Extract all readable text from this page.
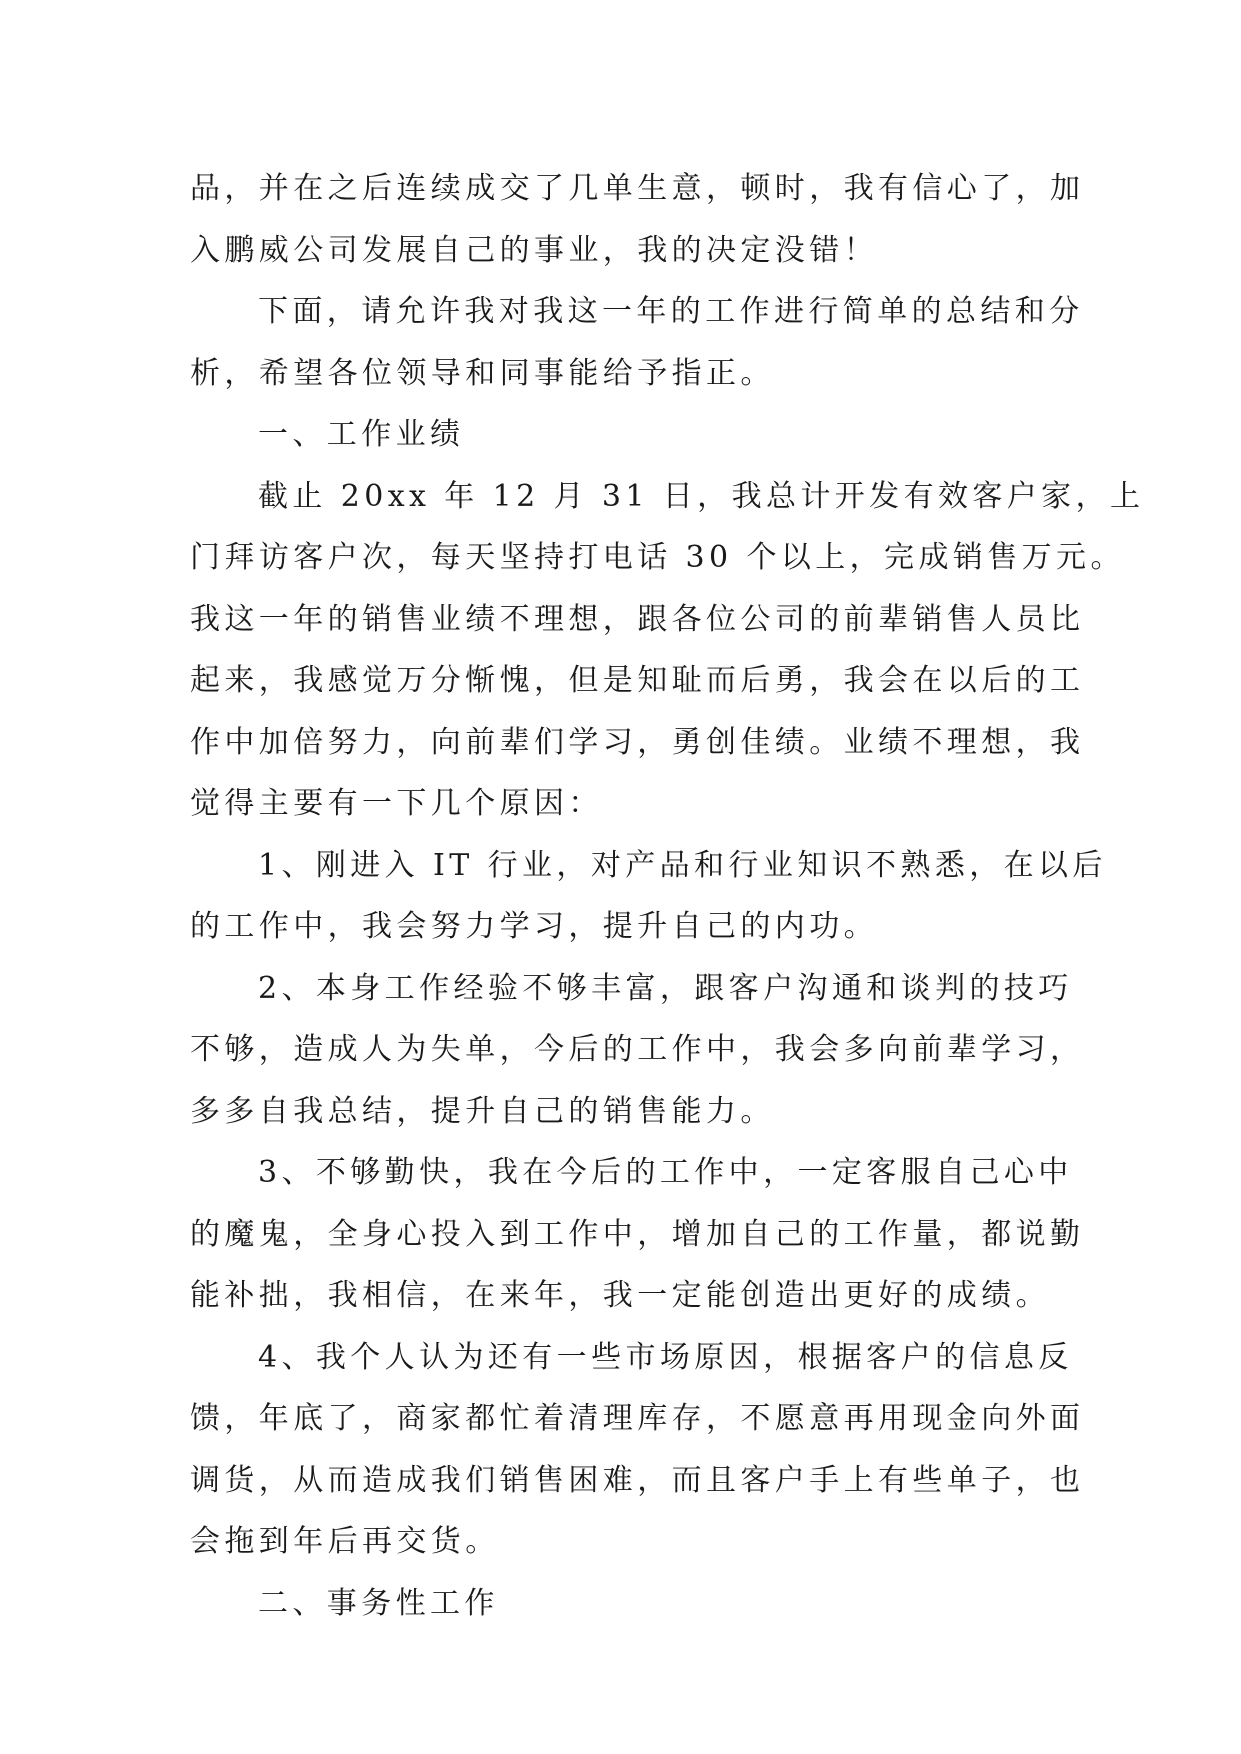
品，并在之后连续成交了几单生意，顿时，我有信心了，加
入鹏威公司发展自己的事业，我的决定没错！
下面，请允许我对我这一年的工作进行简单的总结和分
析，希望各位领导和同事能给予指正。
一、工作业绩
截止 20xx 年 12 月 31 日，我总计开发有效客户家，上
门拜访客户次，每天坚持打电话 30 个以上，完成销售万元。
我这一年的销售业绩不理想，跟各位公司的前辈销售人员比
起来，我感觉万分惭愧，但是知耻而后勇，我会在以后的工
作中加倍努力，向前辈们学习，勇创佳绩。业绩不理想，我
觉得主要有一下几个原因：
1、刚进入 IT 行业，对产品和行业知识不熟悉，在以后
的工作中，我会努力学习，提升自己的内功。
2、本身工作经验不够丰富，跟客户沟通和谈判的技巧
不够，造成人为失单，今后的工作中，我会多向前辈学习，
多多自我总结，提升自己的销售能力。
3、不够勤快，我在今后的工作中，一定客服自己心中
的魔鬼，全身心投入到工作中，增加自己的工作量，都说勤
能补拙，我相信，在来年，我一定能创造出更好的成绩。
4、我个人认为还有一些市场原因，根据客户的信息反
馈，年底了，商家都忙着清理库存，不愿意再用现金向外面
调货，从而造成我们销售困难，而且客户手上有些单子，也
会拖到年后再交货。
二、事务性工作
